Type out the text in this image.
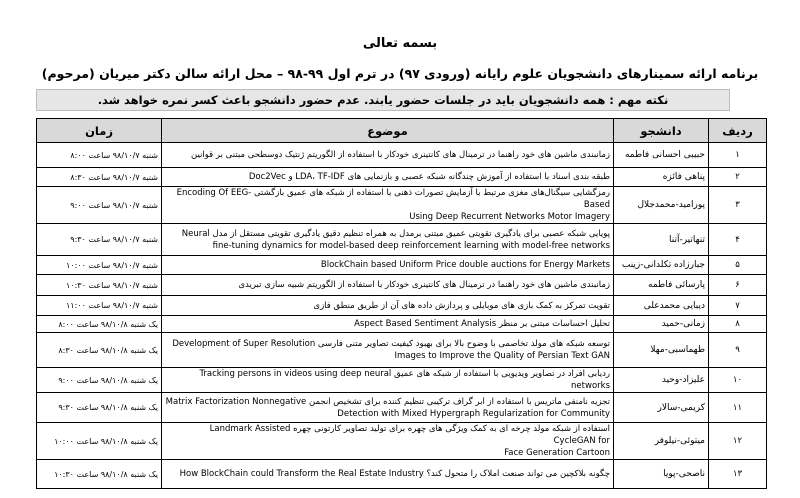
بسمه تعالی
برنامه ارائه سمینارهای دانشجویان علوم رایانه (ورودی ۹۷) در ترم اول ۹۹-۹۸ – محل ارائه سالن دکتر میریان (مرحوم)
نکته مهم : همه دانشجویان باید در جلسات حضور یابند. عدم حضور دانشجو باعث کسر نمره خواهد شد.
زمان	موضوع	دانشجو	ردیف
شنبه ۹۸/۱۰/۷ ساعت ۸:۰۰	زمانبندی ماشین های خود راهنما در ترمینال های کانتینری خودکار با استفاده از الگوریتم ژنتیک دوسطحی مبتنی بر قوانین	حبیبی احسانی فاطمه	۱
شنبه ۹۸/۱۰/۷ ساعت ۸:۳۰	طبقه بندی اسناد با استفاده از آموزش چندگانه شبکه عصبی و بازنمایی های LDA، TF-IDF و Doc2Vec	پناهی فائزه	۲
شنبه ۹۸/۱۰/۷ ساعت ۹:۰۰	رمزگشایی سیگنال‌های مغزی مرتبط با آزمایش تصورات ذهنی با استفاده از شبکه های عمیق بازگشتی Encoding Of EEG-Based
Using Deep Recurrent Networks Motor Imagery	پورامید-محمدجلال	۳
شنبه ۹۸/۱۰/۷ ساعت ۹:۳۰	پویایی شبکه عصبی برای یادگیری تقویتی عمیق مبتنی برمدل به همراه تنظیم دقیق یادگیری تقویتی مستقل از مدل Neural
fine-tuning dynamics for model-based deep reinforcement learning with model-free networks	تنهاتیر-آتنا	۴
شنبه ۹۸/۱۰/۷ ساعت ۱۰:۰۰	BlockChain based Uniform Price double auctions for Energy Markets	جبارزاده تکلدانی-زینب	۵
شنبه ۹۸/۱۰/۷ ساعت ۱۰:۳۰	زمانبندی ماشین های خود راهنما در ترمینال های کانتینری خودکار با استفاده از الگوریتم شبیه سازی تبریدی	پارسائی فاطمه	۶
شنبه ۹۸/۱۰/۷ ساعت ۱۱:۰۰	تقویت تمرکز به کمک بازی های موبایلی و پردازش داده های آن از طریق منطق فازی	دیبایی محمدعلی	۷
یک شنبه ۹۸/۱۰/۸ ساعت ۸:۰۰	تحلیل احساسات مبتنی بر منظر Aspect Based Sentiment Analysis	زمانی-حمید	۸
یک شنبه ۹۸/۱۰/۸ ساعت ۸:۳۰	توسعه شبکه های مولد تخاصمی با وضوح بالا برای بهبود کیفیت تصاویر متنی فارسی Development of Super Resolution
Images to Improve the Quality of Persian Text GAN	طهماسبی-مهلا	۹
یک شنبه ۹۸/۱۰/۸ ساعت ۹:۰۰	ردیابی افراد در تصاویر ویدیویی با استفاده از شبکه های عمیق Tracking persons in videos using deep neural networks	علیزاد-وحید	۱۰
یک شنبه ۹۸/۱۰/۸ ساعت ۹:۳۰	تجزیه نامنفی ماتریس با استفاده از ابر گراف ترکیبی تنظیم کننده برای تشخیص انجمن Matrix Factorization Nonnegative
Detection with Mixed Hypergraph Regularization for Community	کریمی-سالار	۱۱
یک شنبه ۹۸/۱۰/۸ ساعت ۱۰:۰۰	استفاده از شبکه مولد چرخه ای به کمک ویژگی های چهره برای تولید تصاویر کارتونی چهره Landmark Assisted CycleGAN for
Face Generation Cartoon	میتوئی-نیلوفر	۱۲
یک شنبه ۹۸/۱۰/۸ ساعت ۱۰:۳۰	چگونه بلاکچین می تواند صنعت املاک را متحول کند؟ How BlockChain could Transform the Real Estate Industry	ناصحی-پویا	۱۳
